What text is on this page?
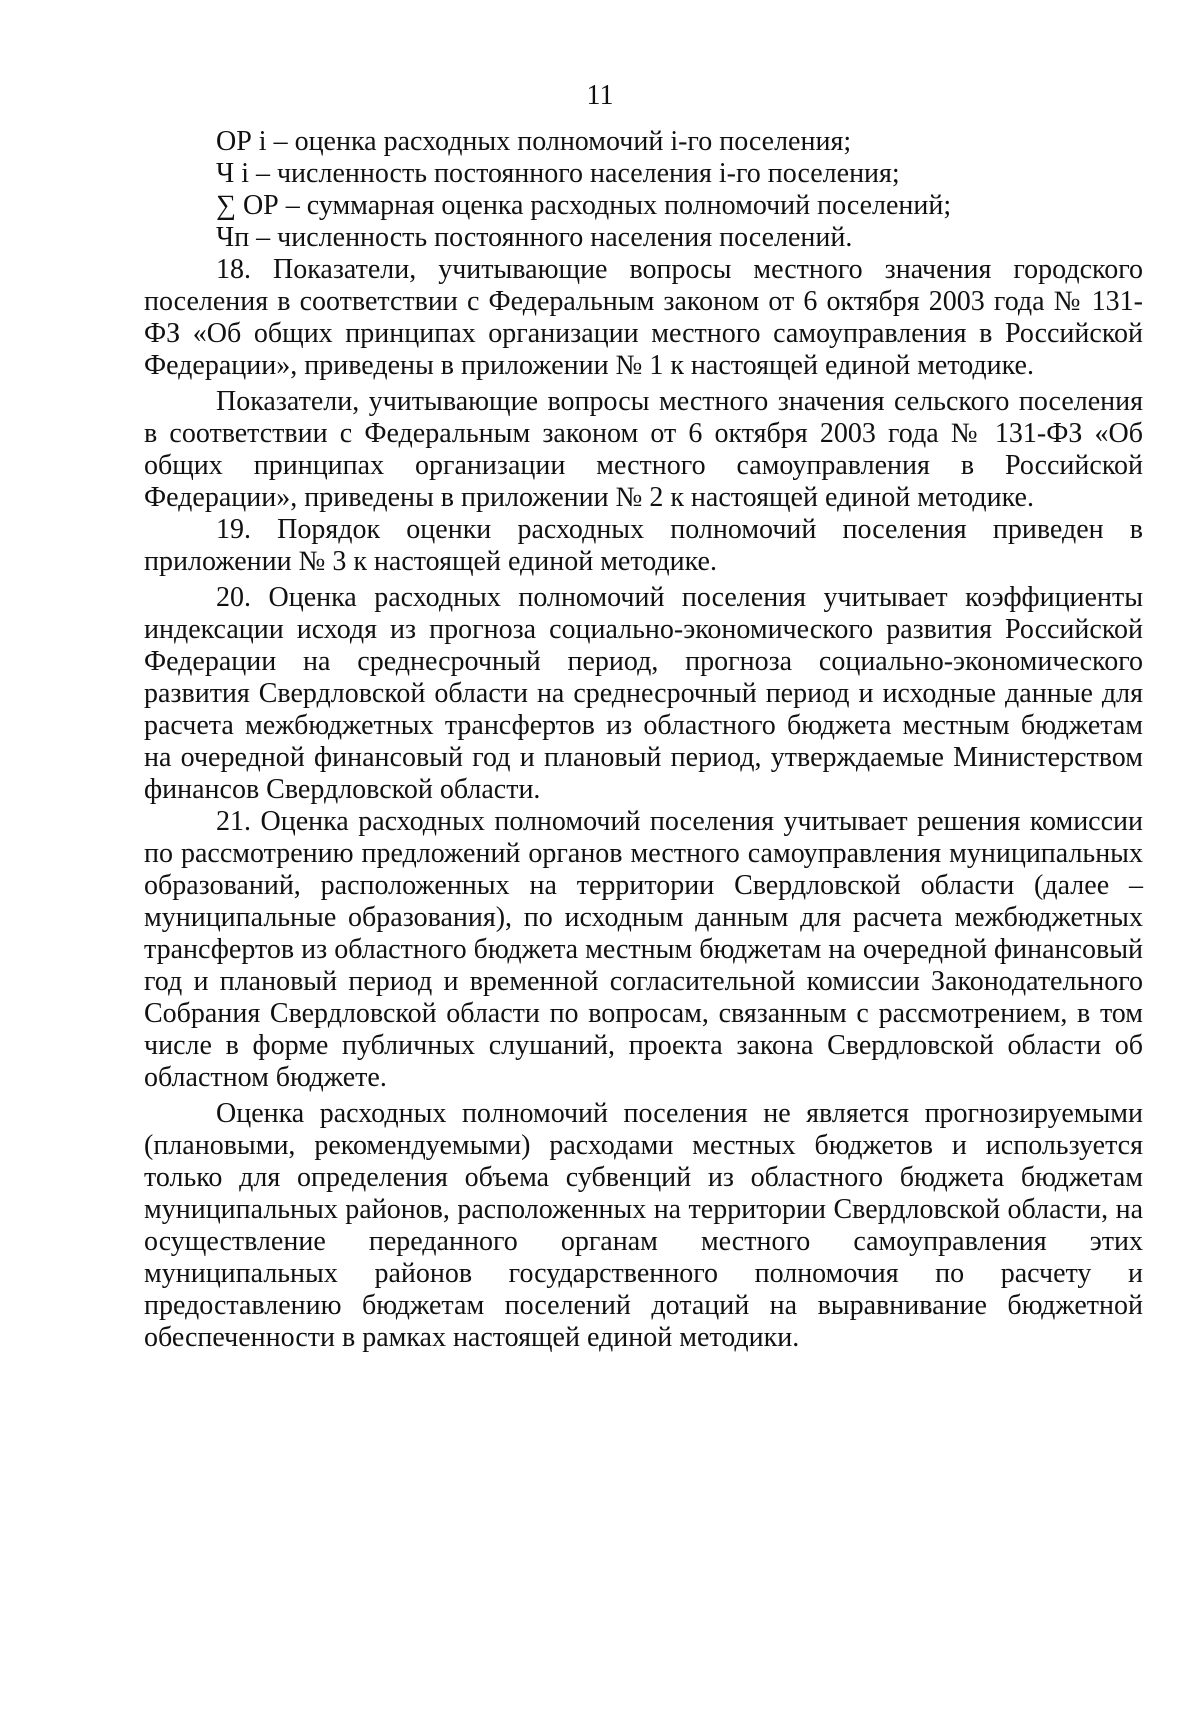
11

ОР i – оценка расходных полномочий i-го поселения;

Ч i – численность постоянного населения i-го поселения;

∑ ОР – суммарная оценка расходных полномочий поселений;

Чп – численность постоянного населения поселений.

18. Показатели, учитывающие вопросы местного значения городского поселения в соответствии с Федеральным законом от 6 октября 2003 года № 131-ФЗ «Об общих принципах организации местного самоуправления в Российской Федерации», приведены в приложении № 1 к настоящей единой методике.

Показатели, учитывающие вопросы местного значения сельского поселения в соответствии с Федеральным законом от 6 октября 2003 года № 131-ФЗ «Об общих принципах организации местного самоуправления в Российской Федерации», приведены в приложении № 2 к настоящей единой методике.

19. Порядок оценки расходных полномочий поселения приведен в приложении № 3 к настоящей единой методике.

20. Оценка расходных полномочий поселения учитывает коэффициенты индексации исходя из прогноза социально-экономического развития Российской Федерации на среднесрочный период, прогноза социально-экономического развития Свердловской области на среднесрочный период и исходные данные для расчета межбюджетных трансфертов из областного бюджета местным бюджетам на очередной финансовый год и плановый период, утверждаемые Министерством финансов Свердловской области.

21. Оценка расходных полномочий поселения учитывает решения комиссии по рассмотрению предложений органов местного самоуправления муниципальных образований, расположенных на территории Свердловской области (далее – муниципальные образования), по исходным данным для расчета межбюджетных трансфертов из областного бюджета местным бюджетам на очередной финансовый год и плановый период и временной согласительной комиссии Законодательного Собрания Свердловской области по вопросам, связанным с рассмотрением, в том числе в форме публичных слушаний, проекта закона Свердловской области об областном бюджете.

Оценка расходных полномочий поселения не является прогнозируемыми (плановыми, рекомендуемыми) расходами местных бюджетов и используется только для определения объема субвенций из областного бюджета бюджетам муниципальных районов, расположенных на территории Свердловской области, на осуществление переданного органам местного самоуправления этих муниципальных районов государственного полномочия по расчету и предоставлению бюджетам поселений дотаций на выравнивание бюджетной обеспеченности в рамках настоящей единой методики.
